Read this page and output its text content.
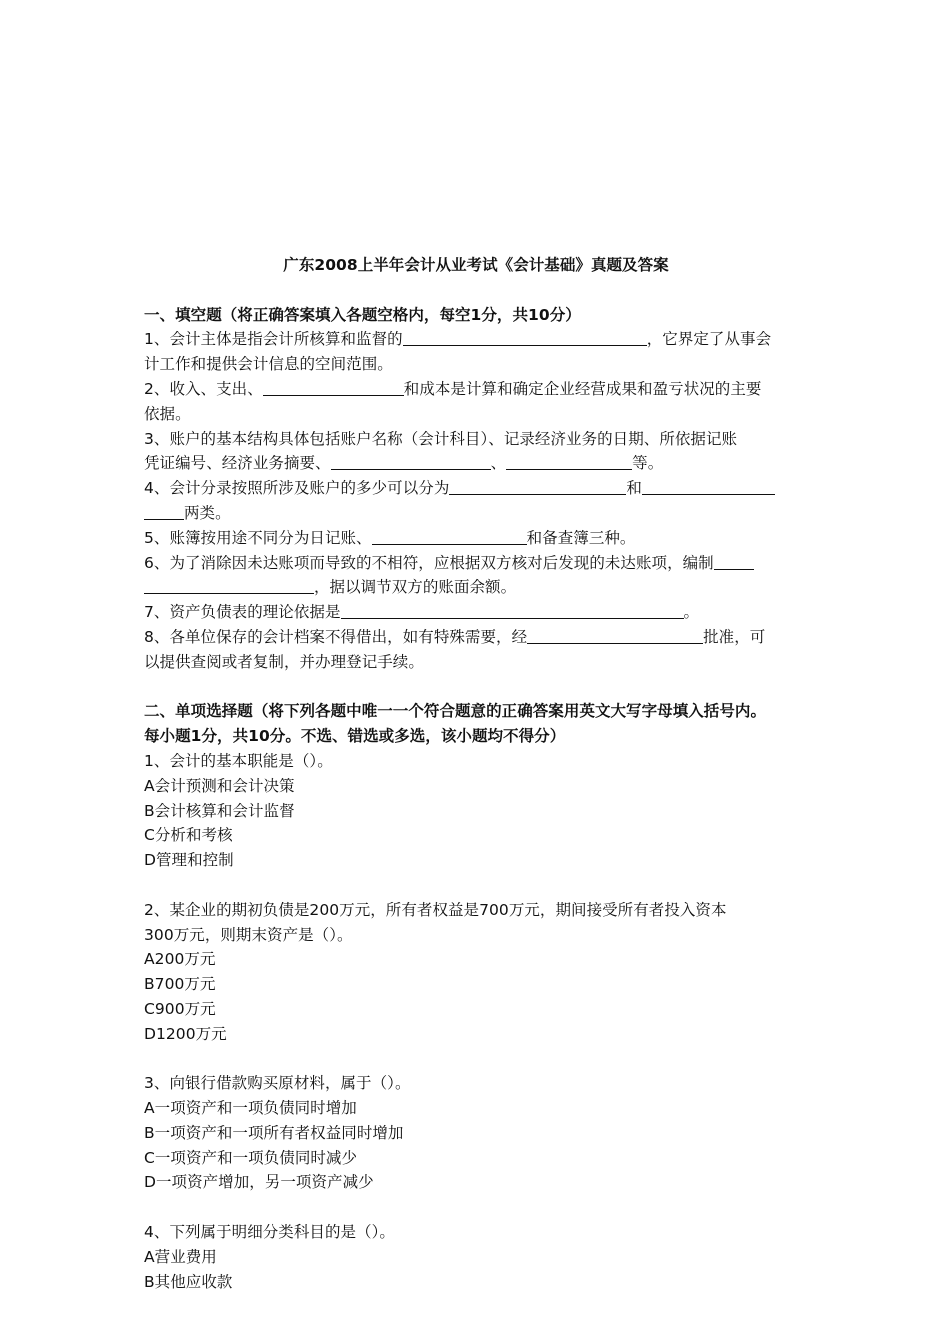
广东2008上半年会计从业考试《会计基础》真题及答案

一、填空题（将正确答案填入各题空格内，每空1分，共10分）

1、会计主体是指会计所核算和监督的	，它界定了从事会

计工作和提供会计信息的空间范围。

2、收入、支出、	和成本是计算和确定企业经营成果和盈亏状况的主要

依据。

3、账户的基本结构具体包括账户名称（会计科目）、记录经济业务的日期、所依据记账

凭证编号、经济业务摘要、	、	等。

4、会计分录按照所涉及账户的多少可以分为	和

两类。

5、账簿按用途不同分为日记账、	和备查簿三种。

6、为了消除因未达账项而导致的不相符，应根据双方核对后发现的未达账项，编制

，据以调节双方的账面余额。

7、资产负债表的理论依据是	。

8、各单位保存的会计档案不得借出，如有特殊需要，经	批准，可

以提供查阅或者复制，并办理登记手续。

二、单项选择题（将下列各题中唯一一个符合题意的正确答案用英文大写字母填入括号内。

每小题1分，共10分。不选、错选或多选，该小题均不得分）

1、会计的基本职能是（）。

A会计预测和会计决策

B会计核算和会计监督

C分析和考核

D管理和控制

2、某企业的期初负债是200万元，所有者权益是700万元，期间接受所有者投入资本

300万元，则期末资产是（）。

A200万元

B700万元

C900万元

D1200万元

3、向银行借款购买原材料，属于（）。

A一项资产和一项负债同时增加

B一项资产和一项所有者权益同时增加

C一项资产和一项负债同时减少

D一项资产增加，另一项资产减少

4、下列属于明细分类科目的是（）。

A营业费用

B其他应收款
